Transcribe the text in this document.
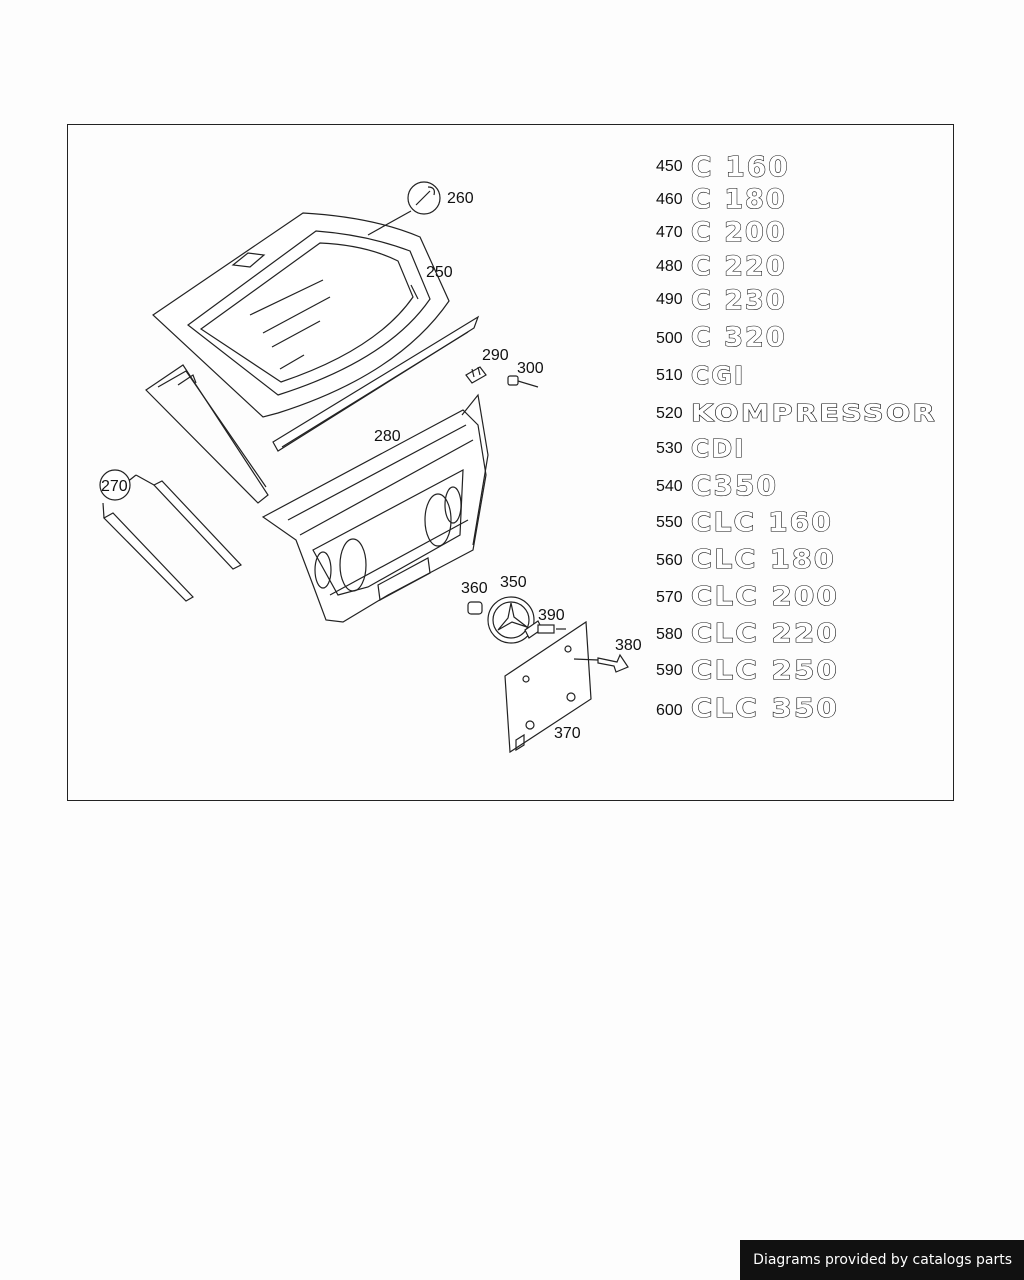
260
250
290
300
280
270
360 350
390
380
370
450 C 160
460 C 180
470 C 200
480 C 220
490 C 230
500 C 320
510 CGI
520 KOMPRESSOR
530 CDI
540 C350
550 CLC 160
560 CLC 180
570 CLC 200
580 CLC 220
590 CLC 250
600 CLC 350
Diagrams provided by catalogs parts
